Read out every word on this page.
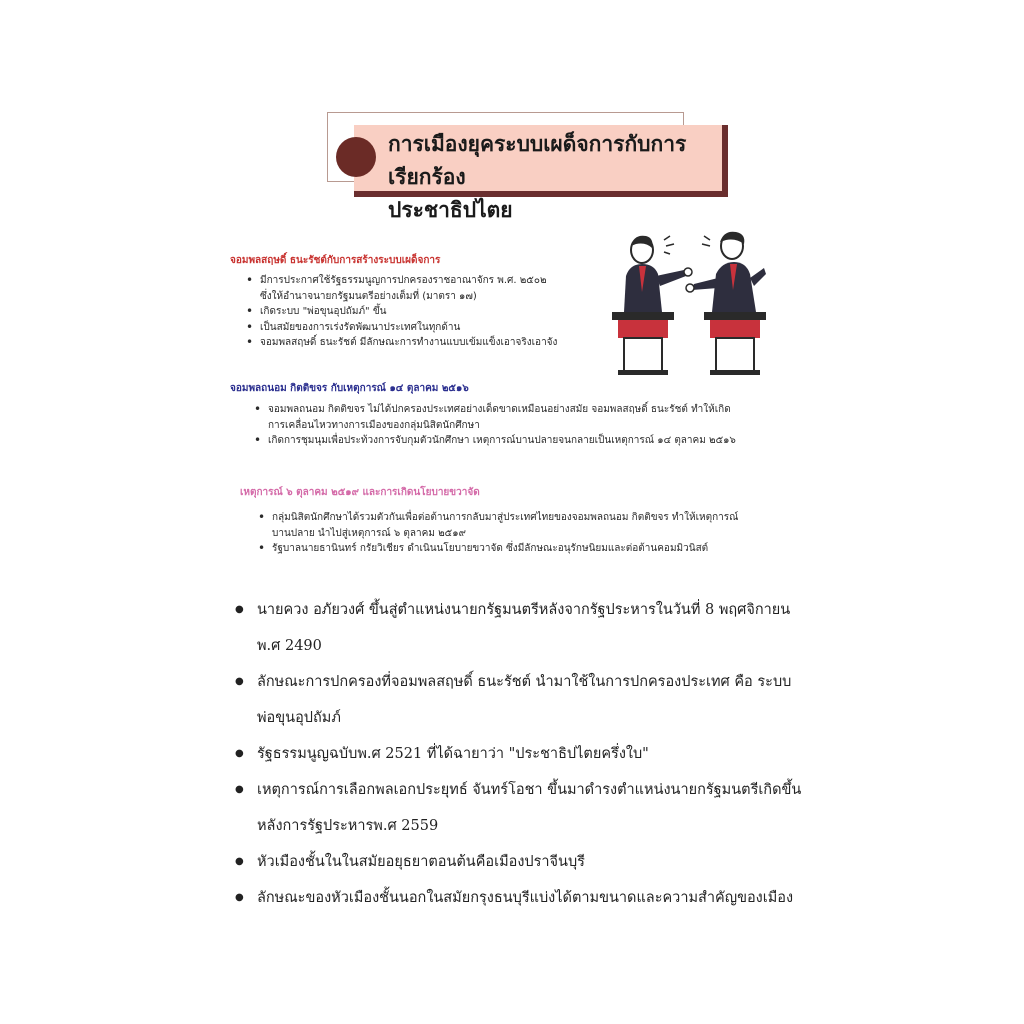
การเมืองยุคระบบเผด็จการกับการเรียกร้อง
ประชาธิปไตย
จอมพลสฤษดิ์ ธนะรัชต์กับการสร้างระบบเผด็จการ
• มีการประกาศใช้รัฐธรรมนูญการปกครองราชอาณาจักร พ.ศ. ๒๕๐๒
ซึ่งให้อำนาจนายกรัฐมนตรีอย่างเต็มที่ (มาตรา ๑๗)
• เกิดระบบ "พ่อขุนอุปถัมภ์" ขึ้น
• เป็นสมัยของการเร่งรัดพัฒนาประเทศในทุกด้าน
• จอมพลสฤษดิ์ ธนะรัชต์ มีลักษณะการทำงานแบบเข้มแข็งเอาจริงเอาจัง
จอมพลถนอม กิตติขจร กับเหตุการณ์ ๑๔ ตุลาคม ๒๕๑๖
• จอมพลถนอม กิตติขจร ไม่ได้ปกครองประเทศอย่างเด็ดขาดเหมือนอย่างสมัย จอมพลสฤษดิ์ ธนะรัชต์ ทำให้เกิด
การเคลื่อนไหวทางการเมืองของกลุ่มนิสิตนักศึกษา
• เกิดการชุมนุมเพื่อประท้วงการจับกุมตัวนักศึกษา เหตุการณ์บานปลายจนกลายเป็นเหตุการณ์ ๑๔ ตุลาคม ๒๕๑๖
เหตุการณ์ ๖ ตุลาคม ๒๕๑๙ และการเกิดนโยบายขวาจัด
• กลุ่มนิสิตนักศึกษาได้รวมตัวกันเพื่อต่อต้านการกลับมาสู่ประเทศไทยของจอมพลถนอม กิตติขจร ทำให้เหตุการณ์
บานปลาย นำไปสู่เหตุการณ์ ๖ ตุลาคม ๒๕๑๙
• รัฐบาลนายธานินทร์ กรัยวิเชียร ดำเนินนโยบายขวาจัด ซึ่งมีลักษณะอนุรักษนิยมและต่อต้านคอมมิวนิสต์
● นายควง อภัยวงศ์ ขึ้นสู่ตำแหน่งนายกรัฐมนตรีหลังจากรัฐประหารในวันที่ 8 พฤศจิกายน
พ.ศ 2490
● ลักษณะการปกครองที่จอมพลสฤษดิ์ ธนะรัชต์ นำมาใช้ในการปกครองประเทศ คือ ระบบ
พ่อขุนอุปถัมภ์
● รัฐธรรมนูญฉบับพ.ศ 2521 ที่ได้ฉายาว่า "ประชาธิปไตยครึ่งใบ"
● เหตุการณ์การเลือกพลเอกประยุทธ์ จันทร์โอชา ขึ้นมาดำรงตำแหน่งนายกรัฐมนตรีเกิดขึ้น
หลังการรัฐประหารพ.ศ 2559
● หัวเมืองชั้นในในสมัยอยุธยาตอนต้นคือเมืองปราจีนบุรี
● ลักษณะของหัวเมืองชั้นนอกในสมัยกรุงธนบุรีแบ่งได้ตามขนาดและความสำคัญของเมือง
